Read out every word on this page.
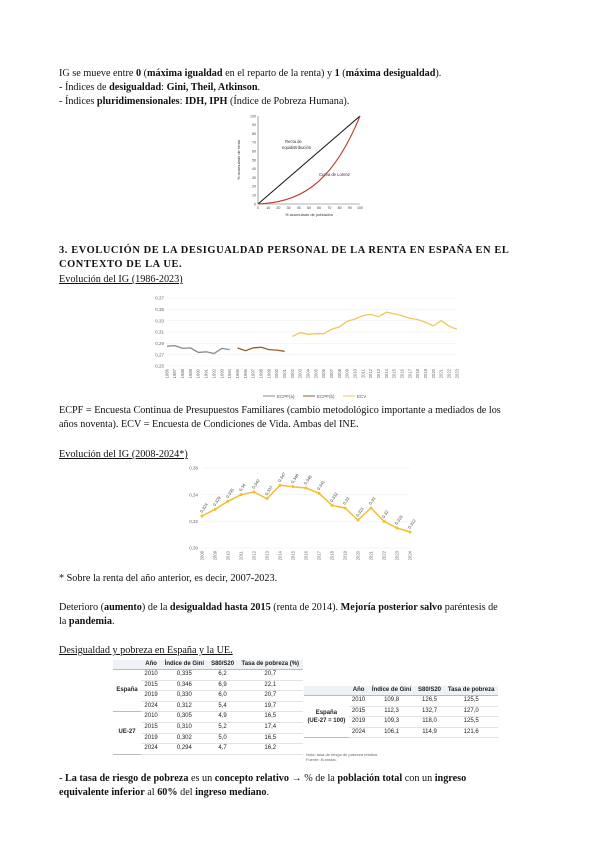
IG se mueve entre 0 (máxima igualdad en el reparto de la renta) y 1 (máxima desigualdad).
- Índices de desigualdad: Gini, Theil, Atkinson.
- Índices pluridimensionales: IDH, IPH (Índice de Pobreza Humana).
% acumulado de renta
0
10
20
30
40
50
60
70
80
90
100
0 10 20 30 40 50 60 70 80 90 100
Recta de
equidistribución
Curva de Lorenz
% acumulado de población
3. EVOLUCIÓN DE LA DESIGUALDAD PERSONAL DE LA RENTA EN ESPAÑA EN EL
CONTEXTO DE LA UE.
Evolución del IG (1986-2023)
0,25
0,27
0,29
0,31
0,33
0,35
0,37
1986 1987 1988 1989 1990 1991 1992 1993 1994 1995 1996 1997 1998 1999 2000 2001 2002 2003 2004 2005 2006 2007 2008 2009 2010 2011 2012 2013 2014 2015 2016 2017 2018 2019 2020 2021 2022 2023
ECPF(a)	ECPF(b)	ECV
ECPF = Encuesta Continua de Presupuestos Familiares (cambio metodológico importante a mediados de los
años noventa). ECV = Encuesta de Condiciones de Vida. Ambas del INE.
Evolución del IG (2008-2024*)
0,30
0,32
0,34
0,36
2008 2009 2010 2011 2012 2013 2014 2015 2016 2017 2018 2019 2020 2021 2022 2023 2024
0,324
0,329
0,335 0,34 0,342
0,337
0,347 0,346 0,345 0,341
0,332 0,33
0,321
0,33
0,32 0,315 0,312
* Sobre la renta del año anterior, es decir, 2007-2023.
Deterioro (aumento) de la desigualdad hasta 2015 (renta de 2014). Mejoría posterior salvo paréntesis de
la pandemia.
Desigualdad y pobreza en España y la UE.
	Año	Índice de Gini	S80/S20	Tasa de pobreza (%)
España	2010	0,335	6,2	20,7
	2015	0,346	6,9	22,1
	2019	0,330	6,0	20,7
	2024	0,312	5,4	19,7
UE-27	2010	0,305	4,9	16,5
	2015	0,310	5,2	17,4
	2019	0,302	5,0	16,5
	2024	0,294	4,7	16,2
	Año	Índice de Gini	S80/S20	Tasa de pobreza

España
(UE-27 = 100)	2010	109,8	126,5	125,5
	2015	112,3	132,7	127,0
	2019	109,3	118,0	125,5
	2024	106,1	114,9	121,6
Nota: tasa de riesgo de pobreza relativa.
Fuente: Eurostat.
- La tasa de riesgo de pobreza es un concepto relativo → % de la población total con un ingreso
equivalente inferior al 60% del ingreso mediano.
